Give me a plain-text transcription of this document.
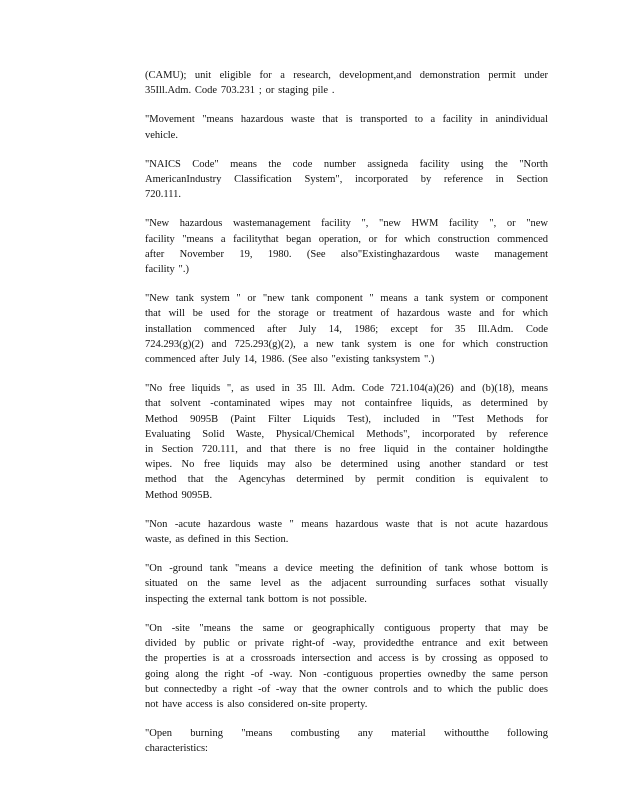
(CAMU); unit eligible for a research, development,and demonstration permit under
35Ill.Adm. Code 703.231 ; or staging pile .

"Movement "means hazardous waste that is transported to a facility in anindividual
vehicle.

"NAICS Code" means the code number assigneda facility using the "North
AmericanIndustry Classification System", incorporated by reference in Section
720.111.

"New hazardous wastemanagement facility ", "new HWM facility ", or "new
facility "means a facilitythat began operation, or for which construction commenced
after November 19, 1980. (See also"Existinghazardous waste management
facility ".)

"New tank system " or "new tank component " means a tank system or component
that will be used for the storage or treatment of hazardous waste and for which
installation commenced after July 14, 1986; except for 35 Ill.Adm. Code
724.293(g)(2) and 725.293(g)(2), a new tank system is one for which construction
commenced after July 14, 1986. (See also "existing tanksystem ".)

"No free liquids ", as used in 35 Ill. Adm. Code 721.104(a)(26) and (b)(18), means
that solvent -contaminated wipes may not containfree liquids, as determined by
Method 9095B (Paint Filter Liquids Test), included in "Test Methods for
Evaluating Solid Waste, Physical/Chemical Methods", incorporated by reference
in Section 720.111, and that there is no free liquid in the container holdingthe
wipes. No free liquids may also be determined using another standard or test
method that the Agencyhas determined by permit condition is equivalent to
Method 9095B.

"Non -acute hazardous waste " means hazardous waste that is not acute hazardous
waste, as defined in this Section.

"On -ground tank "means a device meeting the definition of tank whose bottom is
situated on the same level as the adjacent surrounding surfaces sothat visually
inspecting the external tank bottom is not possible.

"On -site "means the same or geographically contiguous property that may be
divided by public or private right-of -way, providedthe entrance and exit between
the properties is at a crossroads intersection and access is by crossing as opposed to
going along the right -of -way. Non -contiguous properties ownedby the same person
but connectedby a right -of -way that the owner controls and to which the public does
not have access is also considered on-site property.

"Open burning "means combusting any material withoutthe following
characteristics:
